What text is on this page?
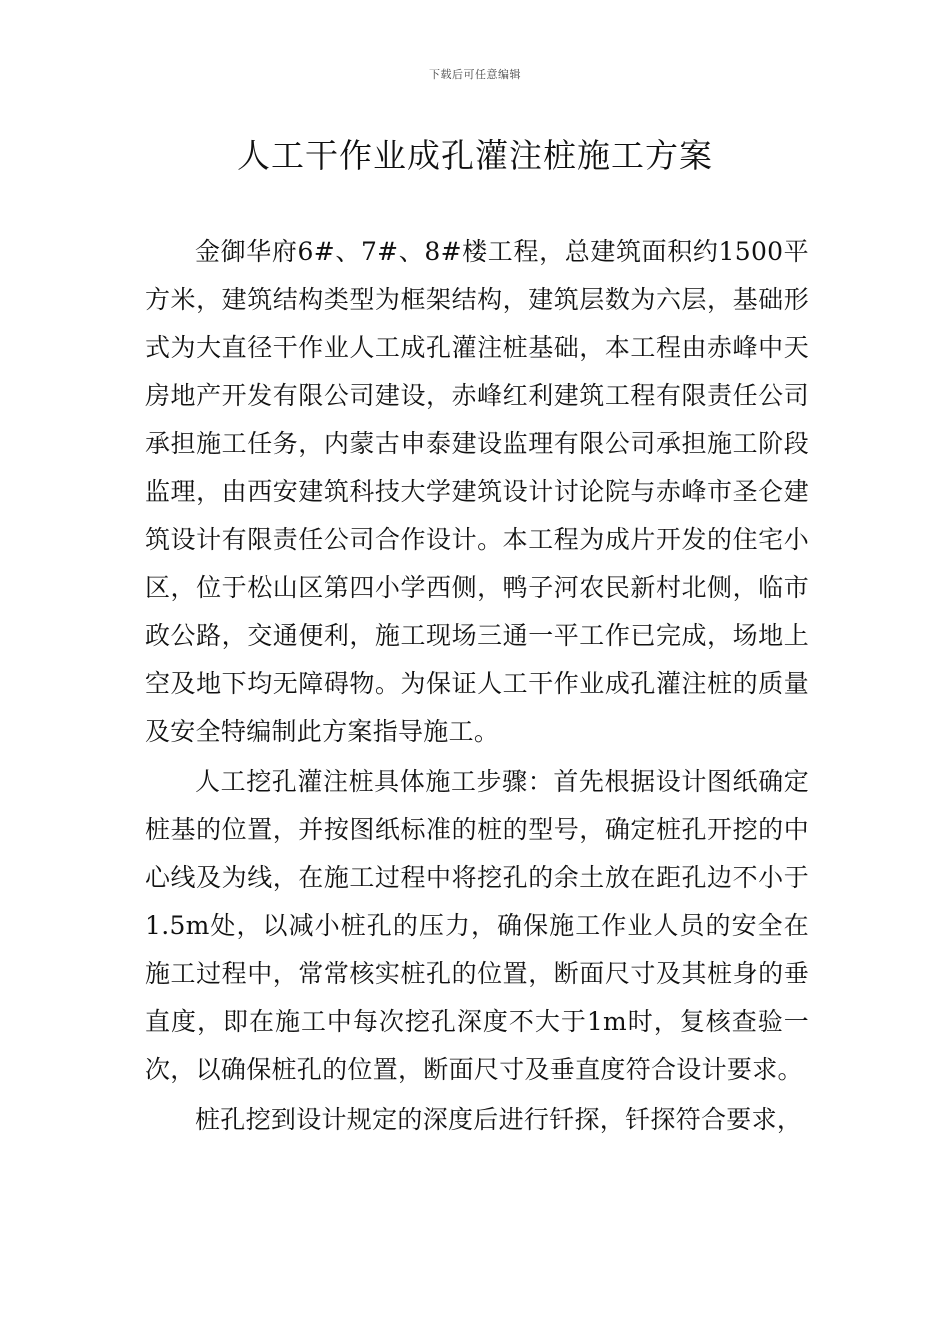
下载后可任意编辑
人工干作业成孔灌注桩施工方案

金御华府6#、7#、8#楼工程，总建筑面积约1500平方米，建筑结构类型为框架结构，建筑层数为六层，基础形式为大直径干作业人工成孔灌注桩基础，本工程由赤峰中天房地产开发有限公司建设，赤峰红利建筑工程有限责任公司承担施工任务，内蒙古申泰建设监理有限公司承担施工阶段监理，由西安建筑科技大学建筑设计讨论院与赤峰市圣仑建筑设计有限责任公司合作设计。本工程为成片开发的住宅小区，位于松山区第四小学西侧，鸭子河农民新村北侧，临市政公路，交通便利，施工现场三通一平工作已完成，场地上空及地下均无障碍物。为保证人工干作业成孔灌注桩的质量及安全特编制此方案指导施工。

人工挖孔灌注桩具体施工步骤：首先根据设计图纸确定桩基的位置，并按图纸标准的桩的型号，确定桩孔开挖的中心线及为线，在施工过程中将挖孔的余土放在距孔边不小于1.5m处，以减小桩孔的压力，确保施工作业人员的安全在施工过程中，常常核实桩孔的位置，断面尺寸及其桩身的垂直度，即在施工中每次挖孔深度不大于1m时，复核查验一次，以确保桩孔的位置，断面尺寸及垂直度符合设计要求。

桩孔挖到设计规定的深度后进行钎探，钎探符合要求，
